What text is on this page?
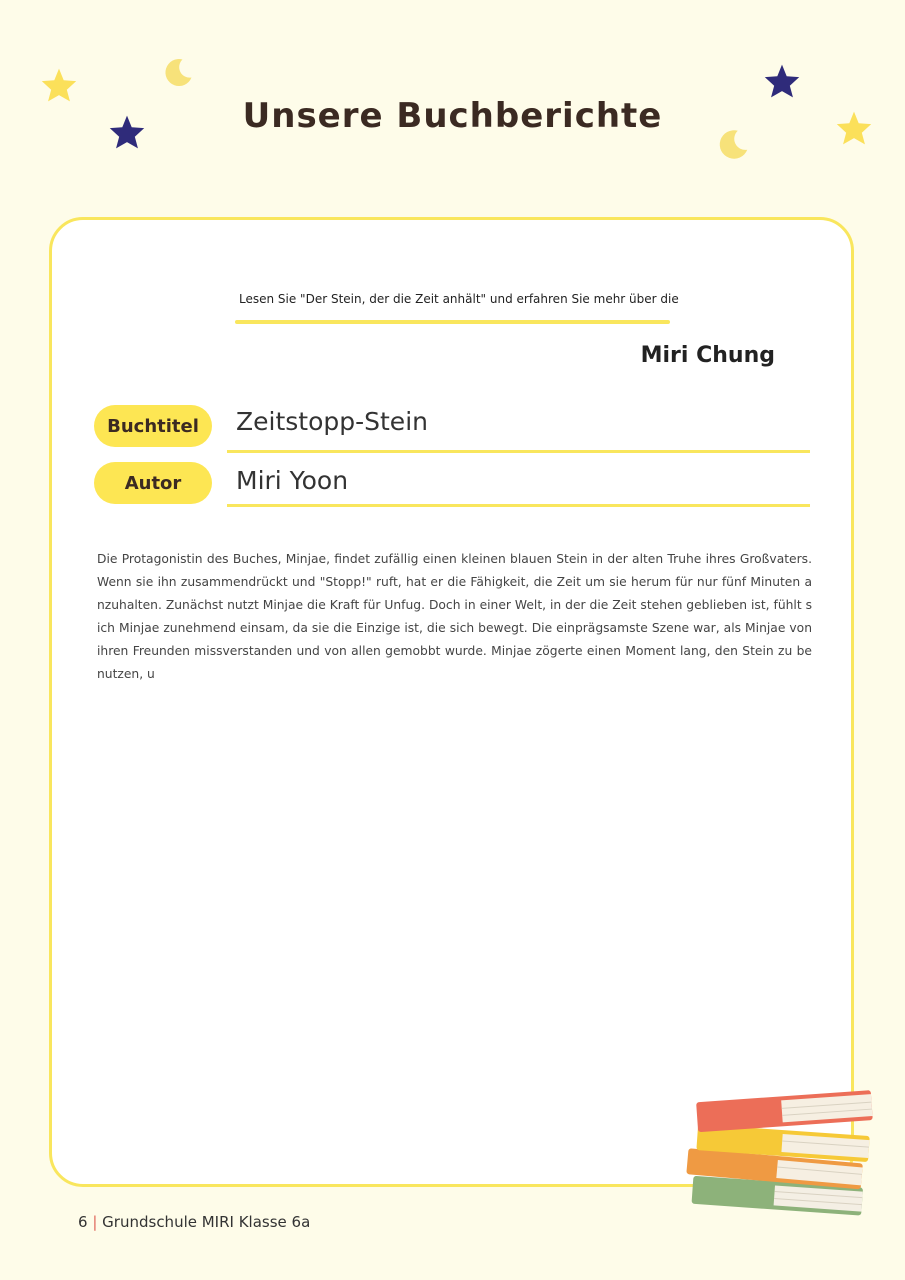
Unsere Buchberichte
Lesen Sie "Der Stein, der die Zeit anhält" und erfahren Sie mehr über die
Miri Chung
Buchtitel	Zeitstopp-Stein
Autor	Miri Yoon
Die Protagonistin des Buches, Minjae, findet zufällig einen kleinen blauen Stein in der alten Truhe ihres Großvaters. Wenn sie ihn zusammendrückt und "Stopp!" ruft, hat er die Fähigkeit, die Zeit um sie herum für nur fünf Minuten anzuhalten. Zunächst nutzt Minjae die Kraft für Unfug. Doch in einer Welt, in der die Zeit stehen geblieben ist, fühlt sich Minjae zunehmend einsam, da sie die Einzige ist, die sich bewegt. Die einprägsamste Szene war, als Minjae von ihren Freunden missverstanden und von allen gemobbt wurde. Minjae zögerte einen Moment lang, den Stein zu benutzen, u
6 | Grundschule MIRI Klasse 6a
